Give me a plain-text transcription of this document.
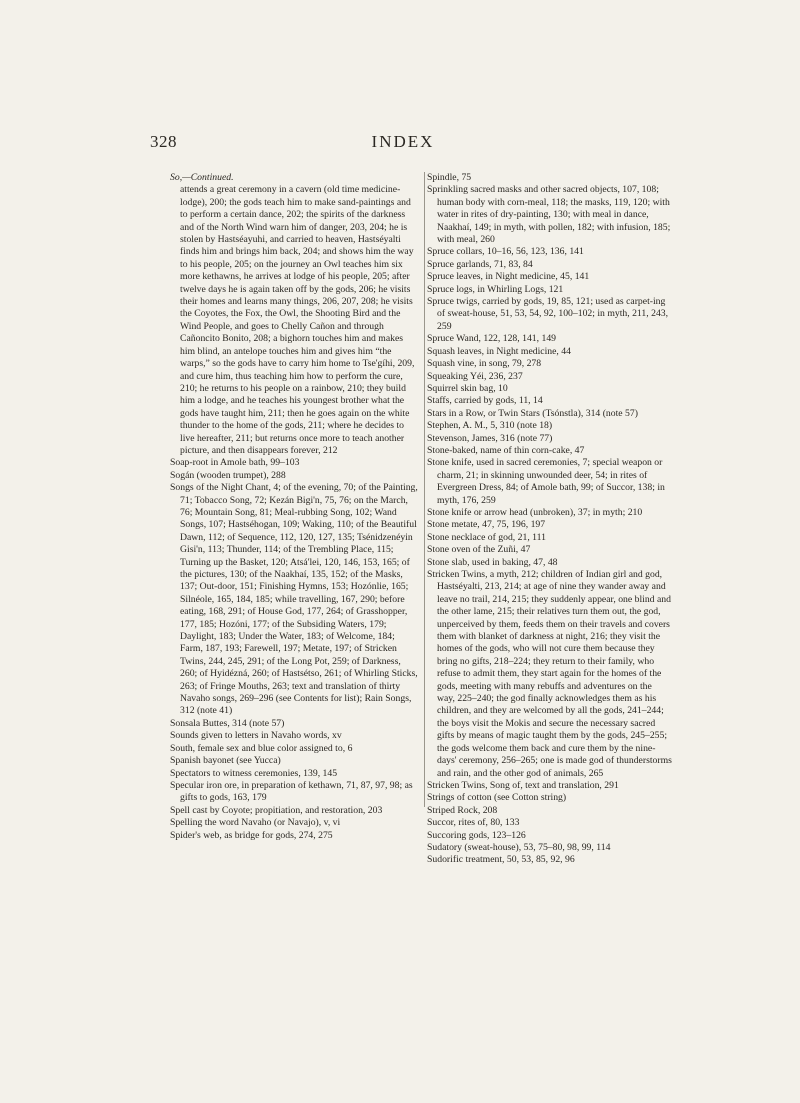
328	INDEX

So,—Continued.

attends a great ceremony in a cavern (old time medicine-lodge), 200; the gods teach him to make sand-paintings and to perform a certain dance, 202; the spirits of the darkness and of the North Wind warn him of danger, 203, 204; he is stolen by Hastséayuhi, and carried to heaven, Hastséyalti finds him and brings him back, 204; and shows him the way to his people, 205; on the journey an Owl teaches him six more kethawns, he arrives at lodge of his people, 205; after twelve days he is again taken off by the gods, 206; he visits their homes and learns many things, 206, 207, 208; he visits the Coyotes, the Fox, the Owl, the Shooting Bird and the Wind People, and goes to Chelly Cañon and through Cañoncito Bonito, 208; a bighorn touches him and makes him blind, an antelope touches him and gives him “the warps,” so the gods have to carry him home to Tse'gíhi, 209, and cure him, thus teaching him how to perform the cure, 210; he returns to his people on a rainbow, 210; they build him a lodge, and he teaches his youngest brother what the gods have taught him, 211; then he goes again on the white thunder to the home of the gods, 211; where he decides to live hereafter, 211; but returns once more to teach another picture, and then disappears forever, 212

Soap-root in Amole bath, 99–103

Sogán (wooden trumpet), 288

Songs of the Night Chant, 4; of the evening, 70; of the Painting, 71; Tobacco Song, 72; Kezán Bigi'n, 75, 76; on the March, 76; Mountain Song, 81; Meal-rubbing Song, 102; Wand Songs, 107; Hastséhogan, 109; Waking, 110; of the Beautiful Dawn, 112; of Sequence, 112, 120, 127, 135; Tsénidzenéyin Gisi'n, 113; Thunder, 114; of the Trembling Place, 115; Turning up the Basket, 120; Atsá'lei, 120, 146, 153, 165; of the pictures, 130; of the Naakhaí, 135, 152; of the Masks, 137; Out-door, 151; Finishing Hymns, 153; Hozónlie, 165; Silnéole, 165, 184, 185; while travelling, 167, 290; before eating, 168, 291; of House God, 177, 264; of Grasshopper, 177, 185; Hozóni, 177; of the Subsiding Waters, 179; Daylight, 183; Under the Water, 183; of Welcome, 184; Farm, 187, 193; Farewell, 197; Metate, 197; of Stricken Twins, 244, 245, 291; of the Long Pot, 259; of Darkness, 260; of Hyidézná, 260; of Hastsétso, 261; of Whirling Sticks, 263; of Fringe Mouths, 263; text and translation of thirty Navaho songs, 269–296 (see Contents for list); Rain Songs, 312 (note 41)

Sonsala Buttes, 314 (note 57)

Sounds given to letters in Navaho words, xv

South, female sex and blue color assigned to, 6

Spanish bayonet (see Yucca)

Spectators to witness ceremonies, 139, 145

Specular iron ore, in preparation of kethawn, 71, 87, 97, 98; as gifts to gods, 163, 179

Spell cast by Coyote; propitiation, and restoration, 203

Spelling the word Navaho (or Navajo), v, vi

Spider's web, as bridge for gods, 274, 275

Spindle, 75

Sprinkling sacred masks and other sacred objects, 107, 108; human body with corn-meal, 118; the masks, 119, 120; with water in rites of dry-painting, 130; with meal in dance, Naakhaí, 149; in myth, with pollen, 182; with infusion, 185; with meal, 260

Spruce collars, 10–16, 56, 123, 136, 141

Spruce garlands, 71, 83, 84

Spruce leaves, in Night medicine, 45, 141

Spruce logs, in Whirling Logs, 121

Spruce twigs, carried by gods, 19, 85, 121; used as carpet-ing of sweat-house, 51, 53, 54, 92, 100–102; in myth, 211, 243, 259

Spruce Wand, 122, 128, 141, 149

Squash leaves, in Night medicine, 44

Squash vine, in song, 79, 278

Squeaking Yéi, 236, 237

Squirrel skin bag, 10

Staffs, carried by gods, 11, 14

Stars in a Row, or Twin Stars (Tsónstla), 314 (note 57)

Stephen, A. M., 5, 310 (note 18)

Stevenson, James, 316 (note 77)

Stone-baked, name of thin corn-cake, 47

Stone knife, used in sacred ceremonies, 7; special weapon or charm, 21; in skinning unwounded deer, 54; in rites of Evergreen Dress, 84; of Amole bath, 99; of Succor, 138; in myth, 176, 259

Stone knife or arrow head (unbroken), 37; in myth; 210

Stone metate, 47, 75, 196, 197

Stone necklace of god, 21, 111

Stone oven of the Zuñi, 47

Stone slab, used in baking, 47, 48

Stricken Twins, a myth, 212; children of Indian girl and god, Hastséyalti, 213, 214; at age of nine they wander away and leave no trail, 214, 215; they suddenly appear, one blind and the other lame, 215; their relatives turn them out, the god, unperceived by them, feeds them on their travels and covers them with blanket of darkness at night, 216; they visit the homes of the gods, who will not cure them because they bring no gifts, 218–224; they return to their family, who refuse to admit them, they start again for the homes of the gods, meeting with many rebuffs and adventures on the way, 225–240; the god finally acknowledges them as his children, and they are welcomed by all the gods, 241–244; the boys visit the Mokis and secure the necessary sacred gifts by means of magic taught them by the gods, 245–255; the gods welcome them back and cure them by the nine-days' ceremony, 256–265; one is made god of thunderstorms and rain, and the other god of animals, 265

Stricken Twins, Song of, text and translation, 291

Strings of cotton (see Cotton string)

Striped Rock, 208

Succor, rites of, 80, 133

Succoring gods, 123–126

Sudatory (sweat-house), 53, 75–80, 98, 99, 114

Sudorific treatment, 50, 53, 85, 92, 96
